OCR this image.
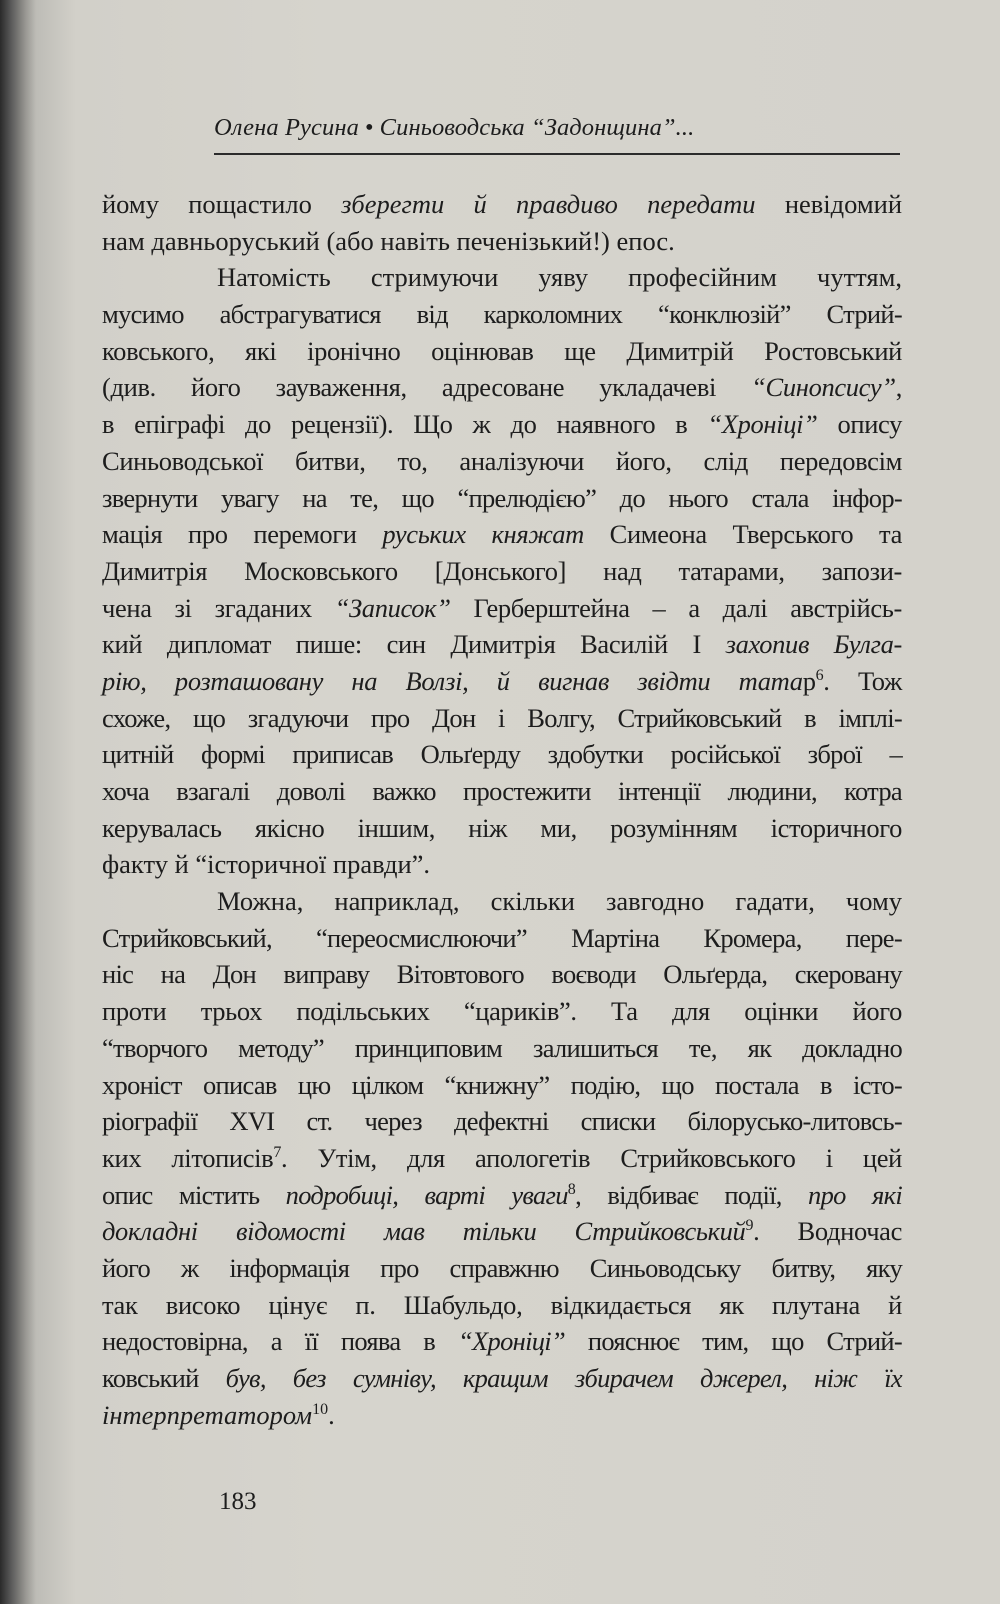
Олена Русина • Синьоводська “Задонщина”...
йому пощастило зберегти й правдиво передати невідомий
нам давньоруський (або навіть печенізький!) епос.
Натомість стримуючи уяву професійним чуттям,
мусимо абстрагуватися від карколомних “конклюзій” Стрий-
ковського, які іронічно оцінював ще Димитрій Ростовський
(див. його зауваження, адресоване укладачеві “Синопсису”,
в епіграфі до рецензії). Що ж до наявного в “Хроніці” опису
Синьоводської битви, то, аналізуючи його, слід передовсім
звернути увагу на те, що “прелюдією” до нього стала інфор-
мація про перемоги руських княжат Симеона Тверського та
Димитрія Московського [Донського] над татарами, запози-
чена зі згаданих “Записок” Герберштейна – а далі австрійсь-
кий дипломат пише: син Димитрія Василій I захопив Булга-
рію, розташовану на Волзі, й вигнав звідти татар$^6$. Тож
схоже, що згадуючи про Дон і Волгу, Стрийковський в імплі-
цитній формі приписав Ольґерду здобутки російської зброї –
хоча взагалі доволі важко простежити інтенції людини, котра
керувалась якісно іншим, ніж ми, розумінням історичного
факту й “історичної правди”.
Можна, наприклад, скільки завгодно гадати, чому
Стрийковський, “переосмислюючи” Мартіна Кромера, пере-
ніс на Дон виправу Вітовтового воєводи Ольґерда, скеровану
проти трьох подільських “цариків”. Та для оцінки його
“творчого методу” принциповим залишиться те, як докладно
хроніст описав цю цілком “книжну” подію, що постала в істо-
ріографії XVI ст. через дефектні списки білорусько-литовсь-
ких літописів$^7$. Утім, для апологетів Стрийковського і цей
опис містить подробиці, варті уваги$^8$, відбиває події, про які
докладні відомості мав тільки Стрийковський$^9$. Водночас
його ж інформація про справжню Синьоводську битву, яку
так високо цінує п. Шабульдо, відкидається як плутана й
недостовірна, а її поява в “Хроніці” пояснює тим, що Стрий-
ковський був, без сумніву, кращим збирачем джерел, ніж їх
інтерпретатором$^{10}$.
183
